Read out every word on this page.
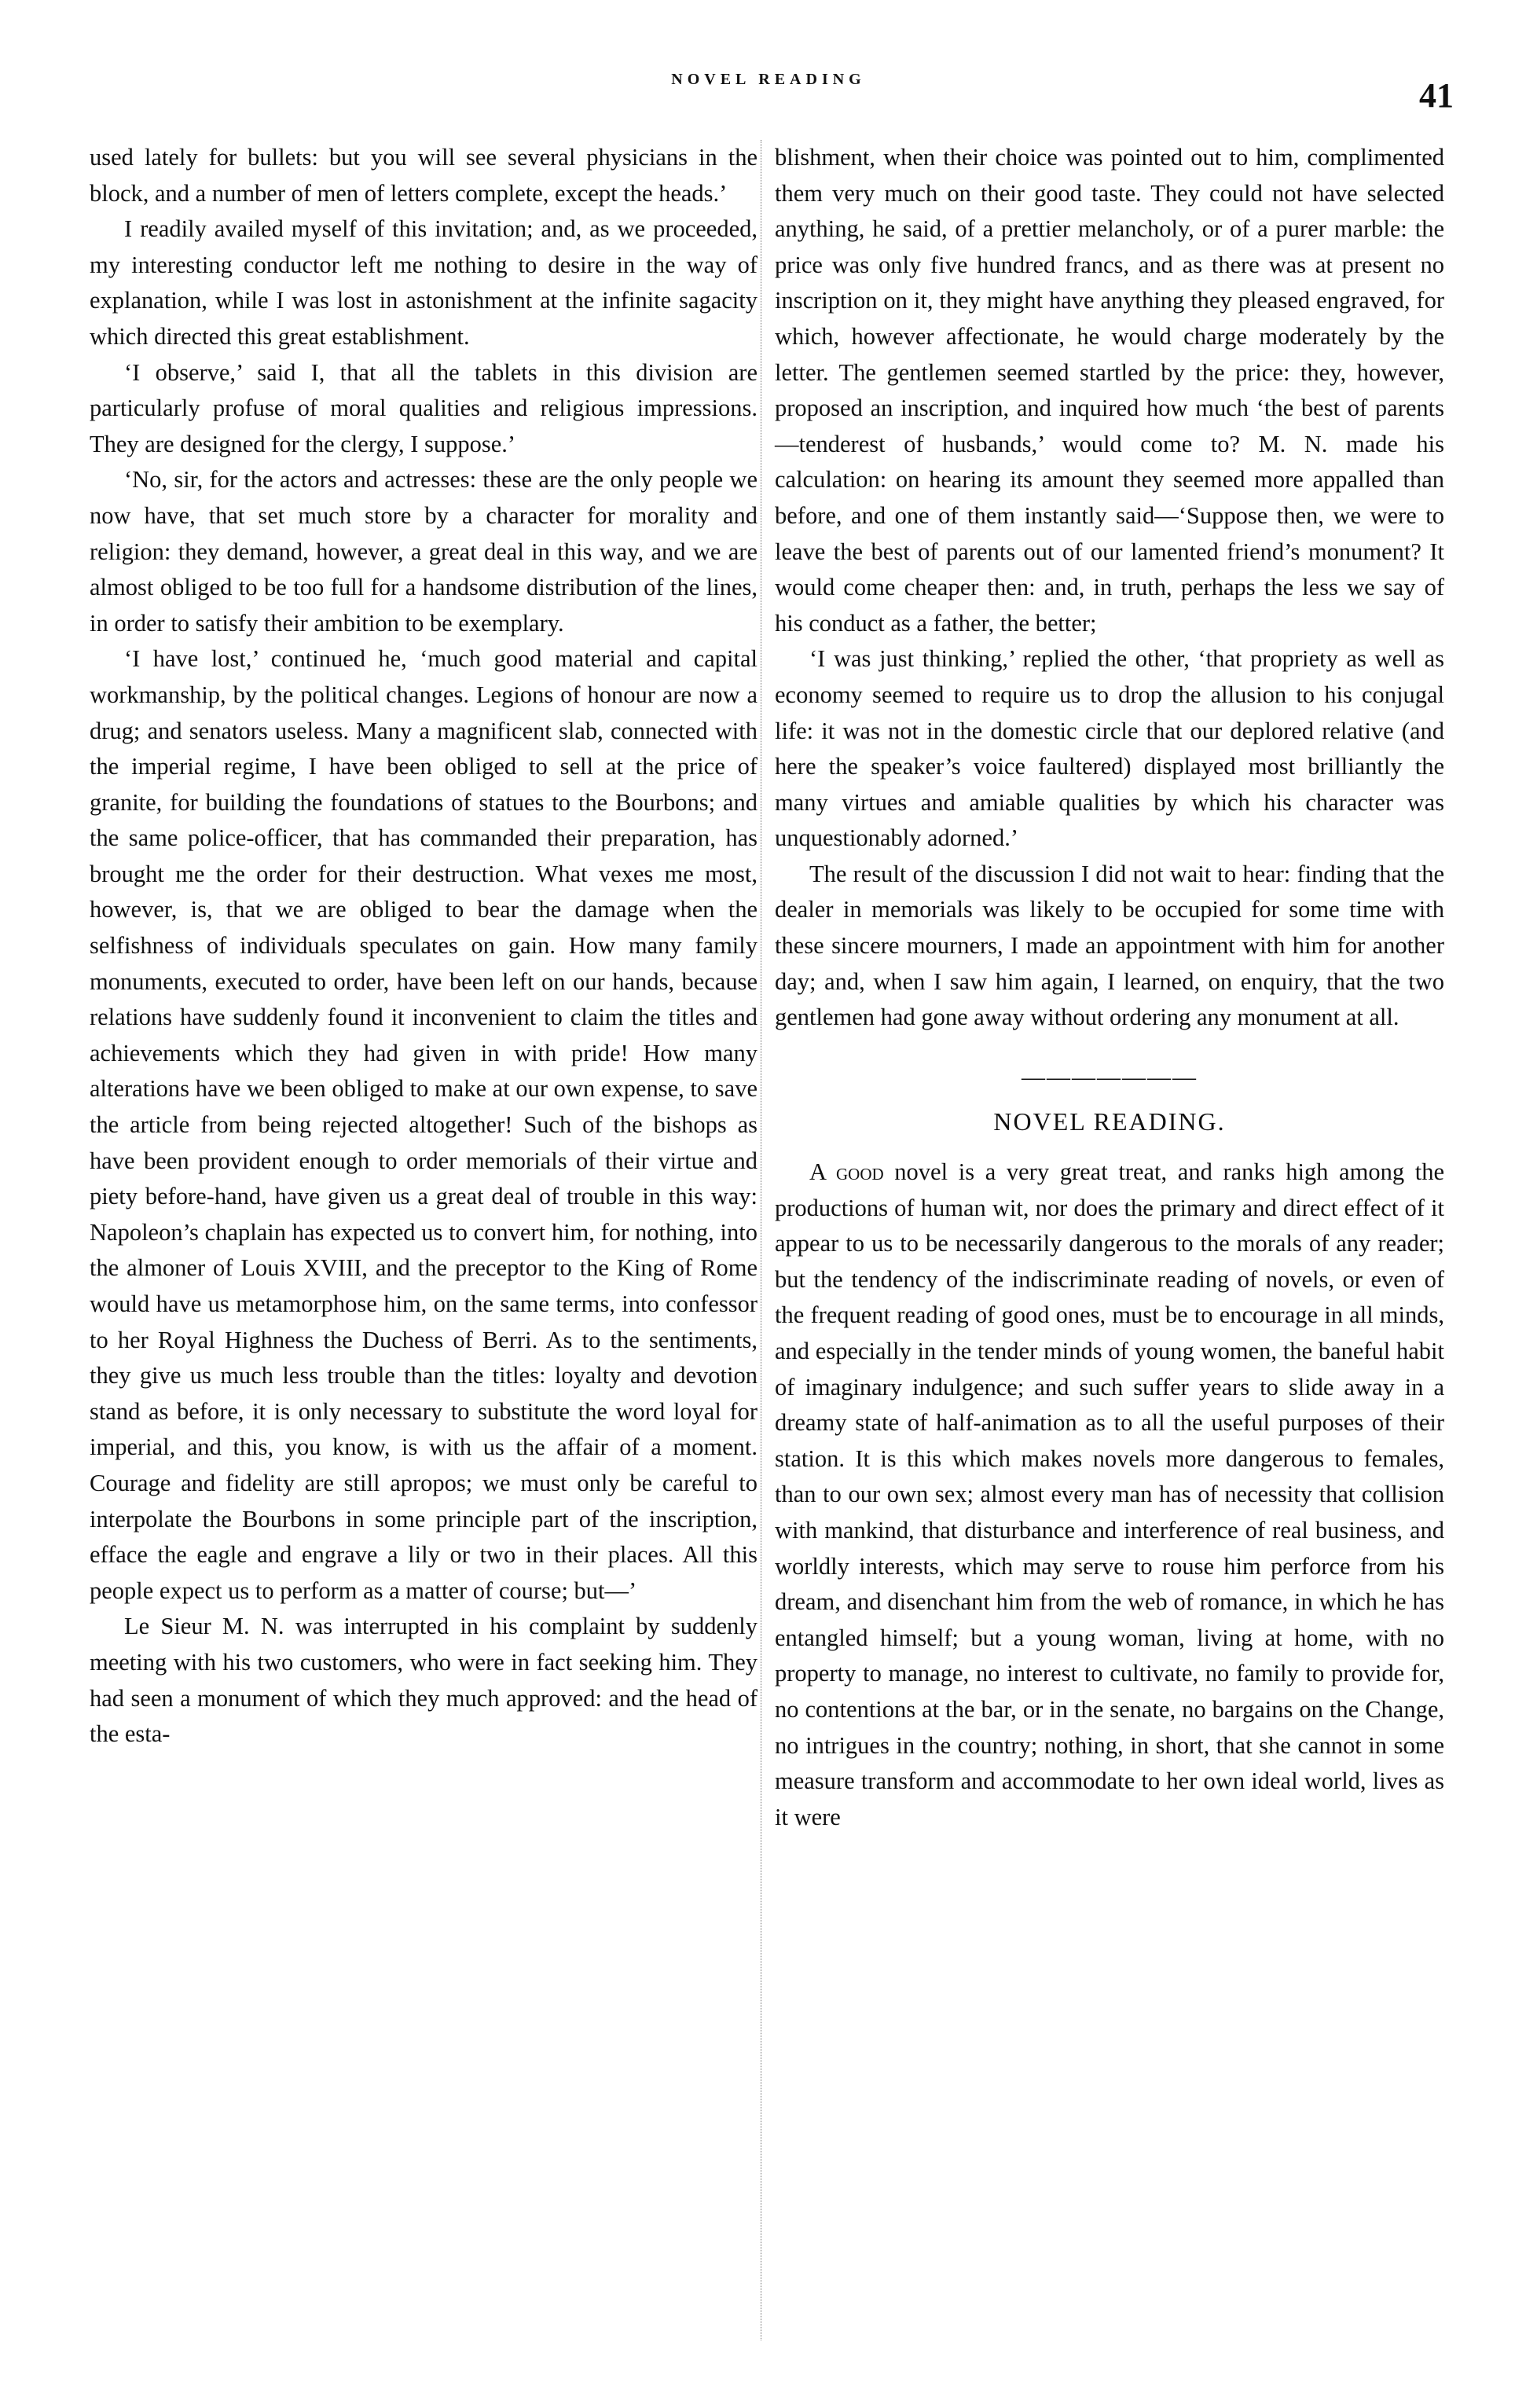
NOVEL READING	41

used lately for bullets: but you will see several physicians in the block, and a number of men of letters complete, except the heads.’

I readily availed myself of this invitation; and, as we proceeded, my interesting conductor left me nothing to desire in the way of explanation, while I was lost in astonishment at the infinite sagacity which directed this great establishment.

‘I observe,’ said I, that all the tablets in this division are particularly profuse of moral qualities and religious impressions. They are designed for the clergy, I suppose.’

‘No, sir, for the actors and actresses: these are the only people we now have, that set much store by a character for morality and religion: they demand, however, a great deal in this way, and we are almost obliged to be too full for a handsome distribution of the lines, in order to satisfy their ambition to be exemplary.

‘I have lost,’ continued he, ‘much good material and capital workmanship, by the political changes. Legions of honour are now a drug; and senators useless. Many a magnificent slab, connected with the imperial regime, I have been obliged to sell at the price of granite, for building the foundations of statues to the Bourbons; and the same police-officer, that has commanded their preparation, has brought me the order for their destruction. What vexes me most, however, is, that we are obliged to bear the damage when the selfishness of individuals speculates on gain. How many family monuments, executed to order, have been left on our hands, because relations have suddenly found it inconvenient to claim the titles and achievements which they had given in with pride! How many alterations have we been obliged to make at our own expense, to save the article from being rejected altogether! Such of the bishops as have been provident enough to order memorials of their virtue and piety before-hand, have given us a great deal of trouble in this way: Napoleon’s chaplain has expected us to convert him, for nothing, into the almoner of Louis XVIII, and the preceptor to the King of Rome would have us metamorphose him, on the same terms, into confessor to her Royal Highness the Duchess of Berri. As to the sentiments, they give us much less trouble than the titles: loyalty and devotion stand as before, it is only necessary to substitute the word loyal for imperial, and this, you know, is with us the affair of a moment. Courage and fidelity are still apropos; we must only be careful to interpolate the Bourbons in some principle part of the inscription, efface the eagle and engrave a lily or two in their places. All this people expect us to perform as a matter of course; but—’

Le Sieur M. N. was interrupted in his complaint by suddenly meeting with his two customers, who were in fact seeking him. They had seen a monument of which they much approved: and the head of the esta-

blishment, when their choice was pointed out to him, complimented them very much on their good taste. They could not have selected anything, he said, of a prettier melancholy, or of a purer marble: the price was only five hundred francs, and as there was at present no inscription on it, they might have anything they pleased engraved, for which, however affectionate, he would charge moderately by the letter. The gentlemen seemed startled by the price: they, however, proposed an inscription, and inquired how much ‘the best of parents—tenderest of husbands,’ would come to? M. N. made his calculation: on hearing its amount they seemed more appalled than before, and one of them instantly said—‘Suppose then, we were to leave the best of parents out of our lamented friend’s monument? It would come cheaper then: and, in truth, perhaps the less we say of his conduct as a father, the better;

‘I was just thinking,’ replied the other, ‘that propriety as well as economy seemed to require us to drop the allusion to his conjugal life: it was not in the domestic circle that our deplored relative (and here the speaker’s voice faultered) displayed most brilliantly the many virtues and amiable qualities by which his character was unquestionably adorned.’

The result of the discussion I did not wait to hear: finding that the dealer in memorials was likely to be occupied for some time with these sincere mourners, I made an appointment with him for another day; and, when I saw him again, I learned, on enquiry, that the two gentlemen had gone away without ordering any monument at all.

———————
NOVEL READING.

A good novel is a very great treat, and ranks high among the productions of human wit, nor does the primary and direct effect of it appear to us to be necessarily dangerous to the morals of any reader; but the tendency of the indiscriminate reading of novels, or even of the frequent reading of good ones, must be to encourage in all minds, and especially in the tender minds of young women, the baneful habit of imaginary indulgence; and such suffer years to slide away in a dreamy state of half-animation as to all the useful purposes of their station. It is this which makes novels more dangerous to females, than to our own sex; almost every man has of necessity that collision with mankind, that disturbance and interference of real business, and worldly interests, which may serve to rouse him perforce from his dream, and disenchant him from the web of romance, in which he has entangled himself; but a young woman, living at home, with no property to manage, no interest to cultivate, no family to provide for, no contentions at the bar, or in the senate, no bargains on the Change, no intrigues in the country; nothing, in short, that she cannot in some measure transform and accommodate to her own ideal world, lives as it were
